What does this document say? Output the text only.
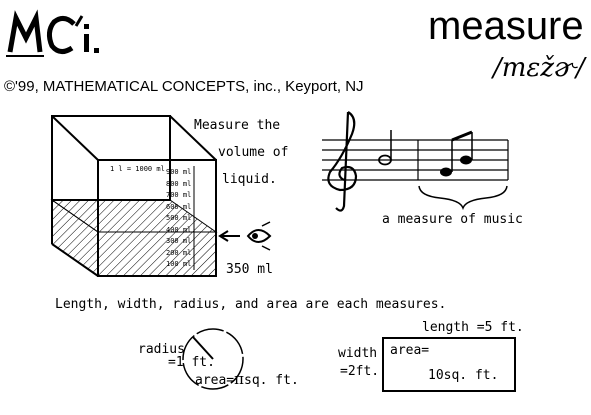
measure
/mɛžɚ/
©'99, MATHEMATICAL CONCEPTS, inc., Keyport, NJ
1 l = 1000 ml 900 ml
800 ml
700 ml
600 ml
500 ml
400 ml
300 ml
200 ml
100 ml
Measure the
volume of
liquid.
350 ml
a measure of music
Length, width, radius, and area are each measures.
radius
=1 ft.
area=πsq. ft.
length =5 ft.
width
=2ft.
area=
10sq. ft.
